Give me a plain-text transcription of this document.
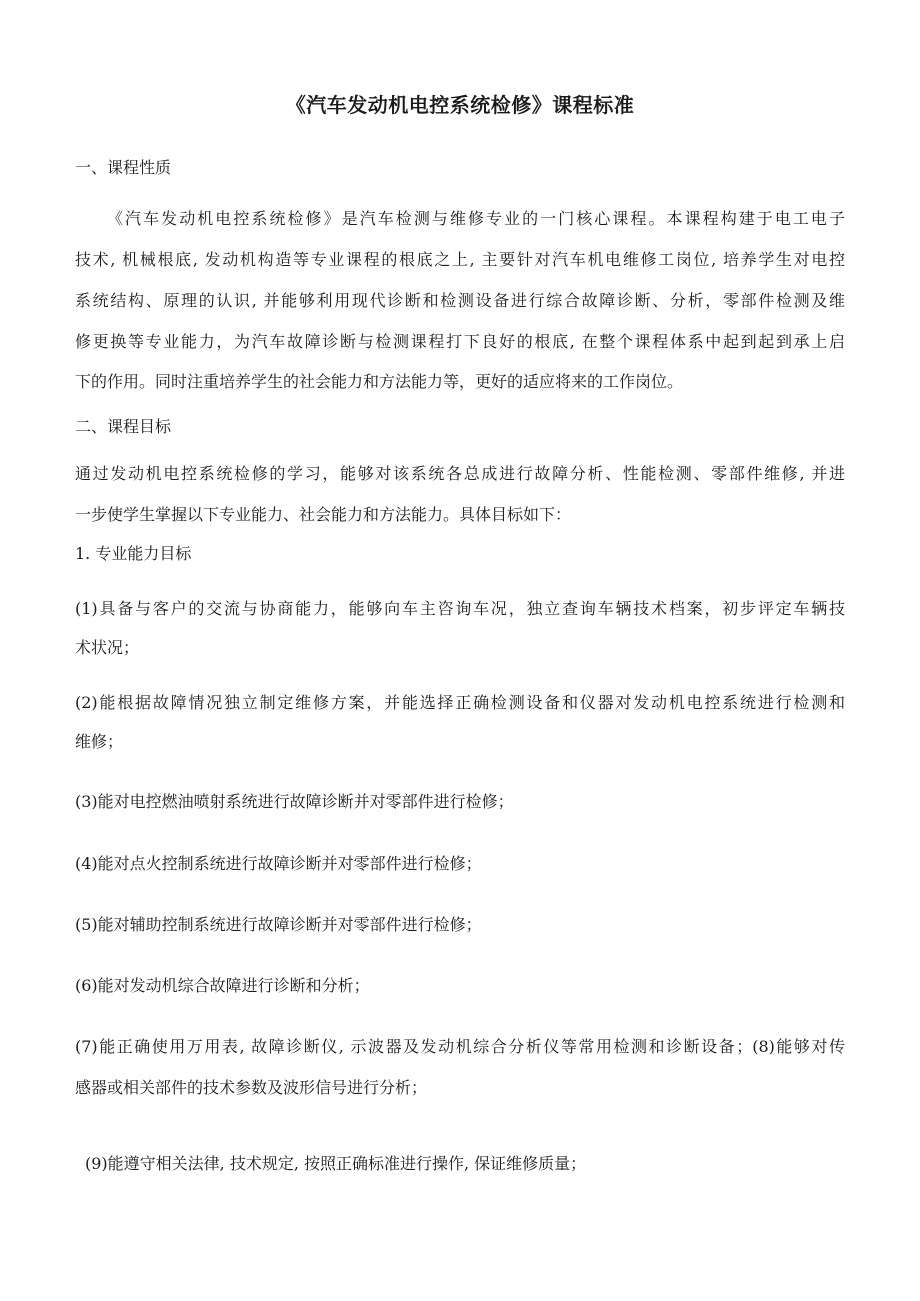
《汽车发动机电控系统检修》课程标准
一、课程性质
《汽车发动机电控系统检修》是汽车检测与维修专业的一门核心课程。本课程构建于电工电子
技术, 机械根底, 发动机构造等专业课程的根底之上, 主要针对汽车机电维修工岗位, 培养学生对电控
系统结构、原理的认识, 并能够利用现代诊断和检测设备进行综合故障诊断、分析，零部件检测及维
修更换等专业能力，为汽车故障诊断与检测课程打下良好的根底, 在整个课程体系中起到起到承上启
下的作用。同时注重培养学生的社会能力和方法能力等，更好的适应将来的工作岗位。
二、课程目标
通过发动机电控系统检修的学习，能够对该系统各总成进行故障分析、性能检测、零部件维修, 并进
一步使学生掌握以下专业能力、社会能力和方法能力。具体目标如下：
1. 专业能力目标
(1)具备与客户的交流与协商能力，能够向车主咨询车况，独立查询车辆技术档案，初步评定车辆技
术状况；
(2)能根据故障情况独立制定维修方案，并能选择正确检测设备和仪器对发动机电控系统进行检测和
维修；
(3)能对电控燃油喷射系统进行故障诊断并对零部件进行检修；
(4)能对点火控制系统进行故障诊断并对零部件进行检修；
(5)能对辅助控制系统进行故障诊断并对零部件进行检修；
(6)能对发动机综合故障进行诊断和分析；
(7)能正确使用万用表, 故障诊断仪, 示波器及发动机综合分析仪等常用检测和诊断设备；(8)能够对传
感器或相关部件的技术参数及波形信号进行分析；
(9)能遵守相关法律, 技术规定, 按照正确标准进行操作, 保证维修质量；
